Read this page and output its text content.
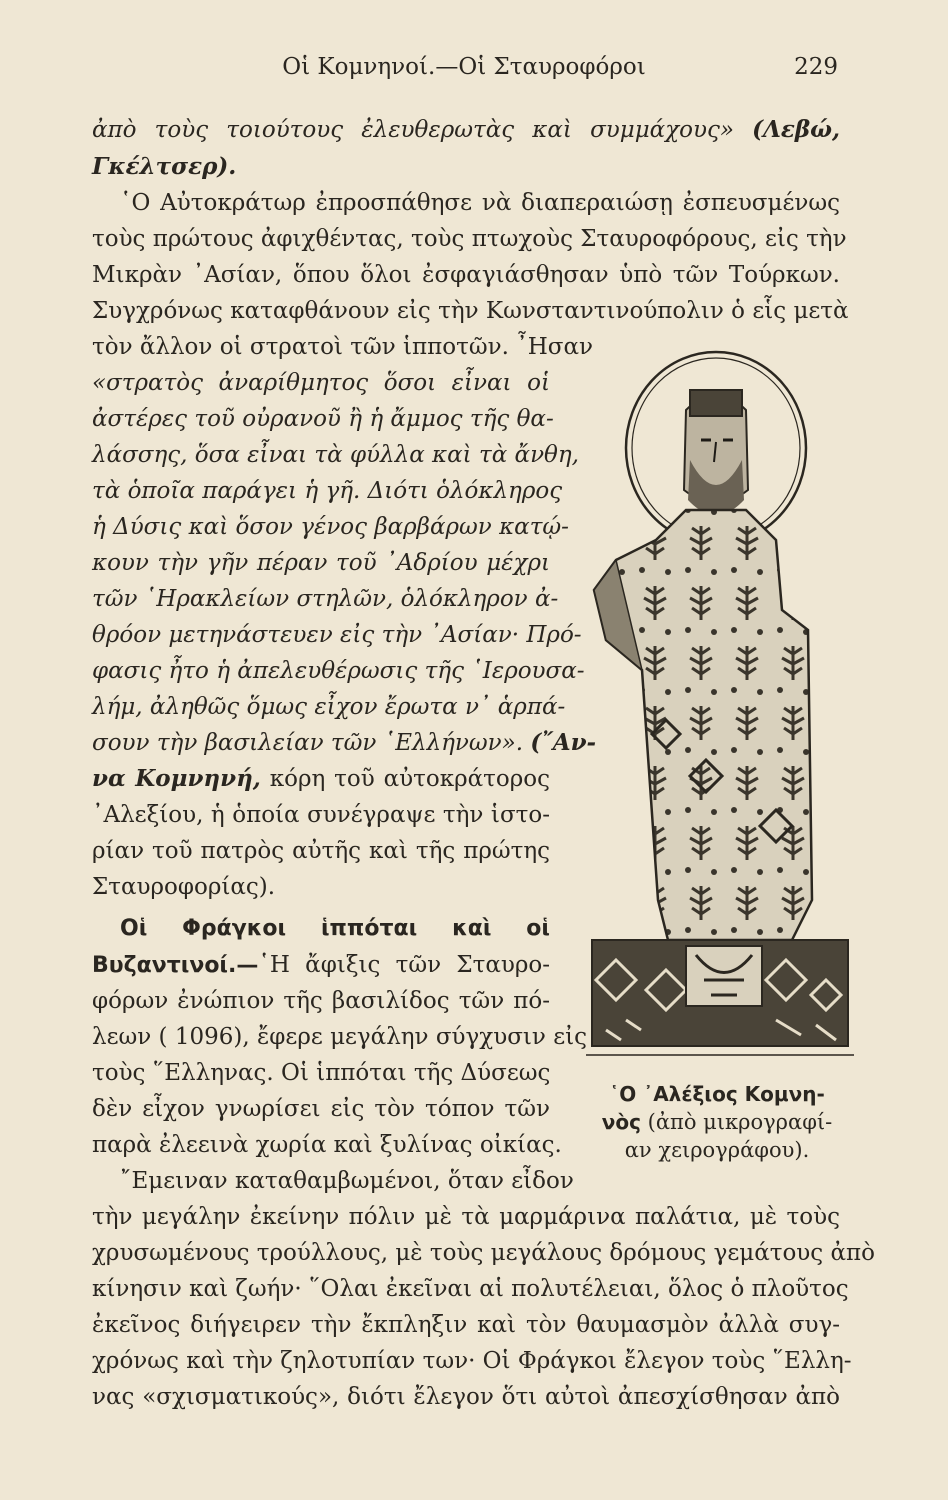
Οἱ Κομνηνοί.—Οἱ Σταυροφόροι	229
ἀπὸ τοὺς τοιούτους ἐλευθερωτὰς καὶ συμμάχους» (Λεβώ,
Γκέλτσερ).
῾Ο Αὐτοκράτωρ ἐπροσπάθησε νὰ διαπεραιώσῃ ἐσπευσμένως
τοὺς πρώτους ἀφιχθέντας, τοὺς πτωχοὺς Σταυροφόρους, εἰς τὴν
Μικρὰν ᾿Ασίαν, ὅπου ὅλοι ἐσφαγιάσθησαν ὑπὸ τῶν Τούρκων.
Συγχρόνως καταφθάνουν εἰς τὴν Κωνσταντινούπολιν ὁ εἷς μετὰ
τὸν ἄλλον οἱ στρατοὶ τῶν ἱπποτῶν. ῏Ησαν
«στρατὸς ἀναρίθμητος ὅσοι εἶναι οἱ
ἀστέρες τοῦ οὐρανοῦ ἢ ἡ ἄμμος τῆς θα-
λάσσης, ὅσα εἶναι τὰ φύλλα καὶ τὰ ἄνθη,
τὰ ὁποῖα παράγει ἡ γῆ. Διότι ὁλόκληρος
ἡ Δύσις καὶ ὅσον γένος βαρβάρων κατῴ-
κουν τὴν γῆν πέραν τοῦ ᾿Αδρίου μέχρι
τῶν ῾Ηρακλείων στηλῶν, ὁλόκληρον ἀ-
θρόον μετηνάστευεν εἰς τὴν ᾿Ασίαν· Πρό-
φασις ἦτο ἡ ἀπελευθέρωσις τῆς ῾Ιερουσα-
λήμ, ἀληθῶς ὅμως εἶχον ἔρωτα ν᾿ ἁρπά-
σουν τὴν βασιλείαν τῶν ῾Ελλήνων». (῎Αν-
να Κομνηνή, κόρη τοῦ αὐτοκράτορος
᾿Αλεξίου, ἡ ὁποία συνέγραψε τὴν ἱστο-
ρίαν τοῦ πατρὸς αὐτῆς καὶ τῆς πρώτης
Σταυροφορίας).
Οἱ Φράγκοι ἱππόται καὶ οἱ
Βυζαντινοί.—῾Η ἄφιξις τῶν Σταυρο-
φόρων ἐνώπιον τῆς βασιλίδος τῶν πό-
λεων ( 1096), ἔφερε μεγάλην σύγχυσιν εἰς
τοὺς ῞Ελληνας. Οἱ ἱππόται τῆς Δύσεως
δὲν εἶχον γνωρίσει εἰς τὸν τόπον τῶν
παρὰ ἐλεεινὰ χωρία καὶ ξυλίνας οἰκίας.
῎Εμειναν καταθαμβωμένοι, ὅταν εἶδον
τὴν μεγάλην ἐκείνην πόλιν μὲ τὰ μαρμάρινα παλάτια, μὲ τοὺς
χρυσωμένους τρούλλους, μὲ τοὺς μεγάλους δρόμους γεμάτους ἀπὸ
κίνησιν καὶ ζωήν· ῞Ολαι ἐκεῖναι αἱ πολυτέλειαι, ὅλος ὁ πλοῦτος
ἐκεῖνος διήγειρεν τὴν ἔκπληξιν καὶ τὸν θαυμασμὸν ἀλλὰ συγ-
χρόνως καὶ τὴν ζηλοτυπίαν των· Οἱ Φράγκοι ἔλεγον τοὺς ῞Ελλη-
νας «σχισματικούς», διότι ἔλεγον ὅτι αὐτοὶ ἀπεσχίσθησαν ἀπὸ
῾Ο ᾿Αλέξιος Κομνη-
νὸς (ἀπὸ μικρογραφί-
αν χειρογράφου).
